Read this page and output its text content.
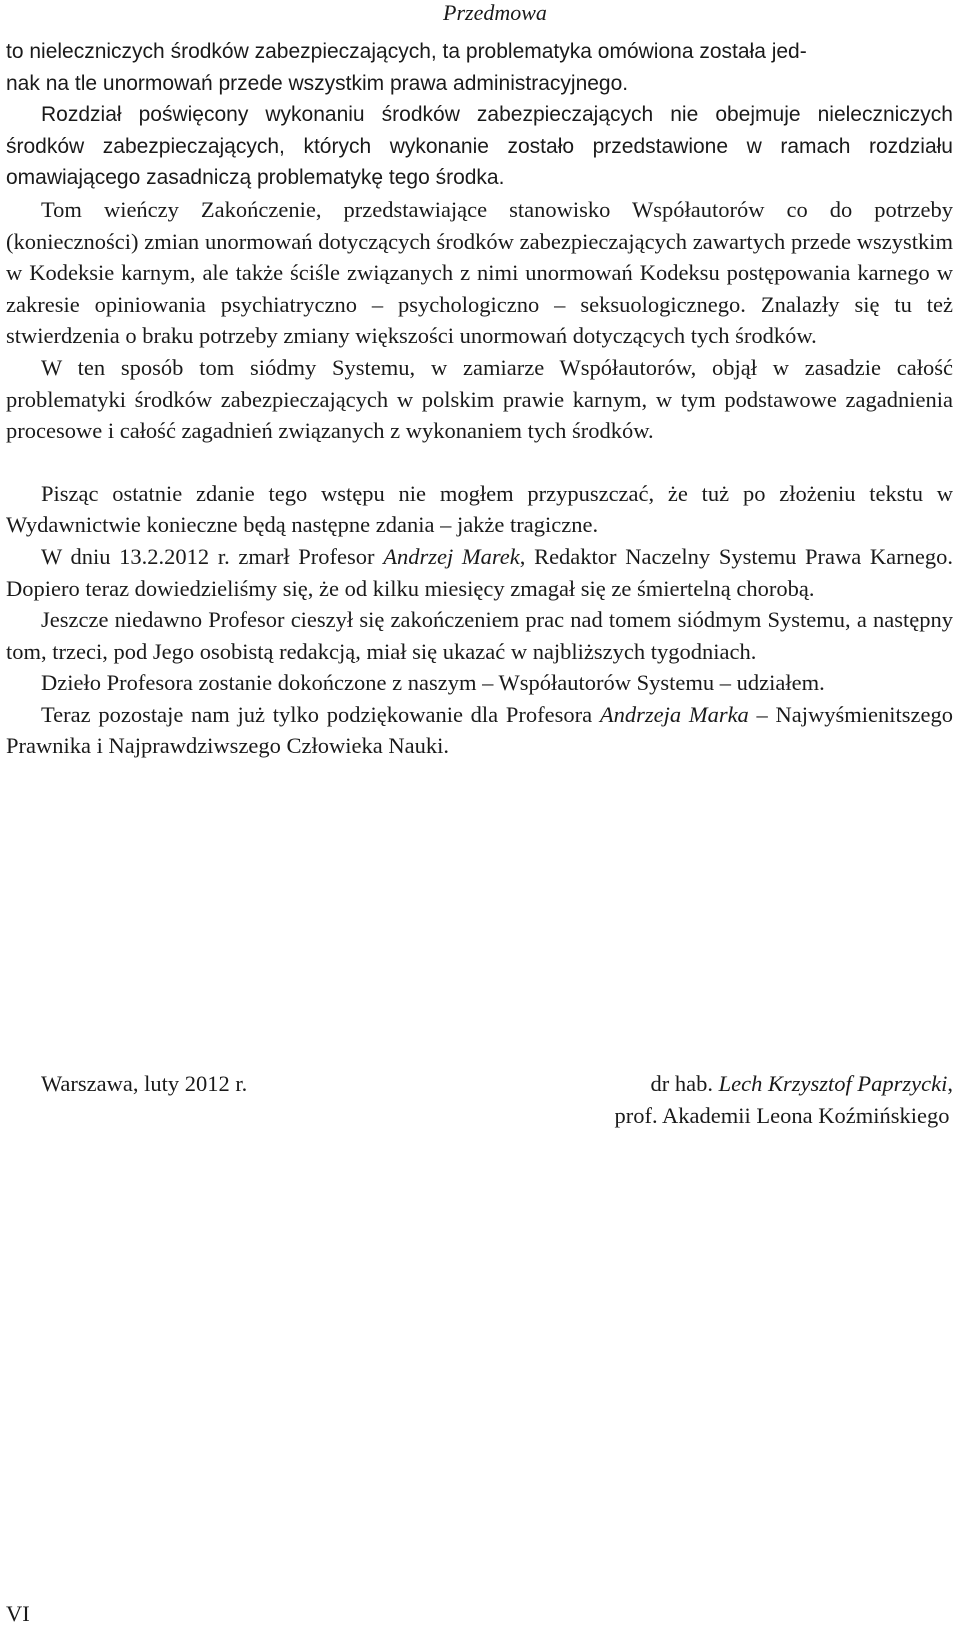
Przedmowa

to nieleczniczych środków zabezpieczających, ta problematyka omówiona została jed-
nak na tle unormowań przede wszystkim prawa administracyjnego.

Rozdział poświęcony wykonaniu środków zabezpieczających nie obejmuje nieleczniczych środków zabezpieczających, których wykonanie zostało przedstawione w ramach rozdziału omawiającego zasadniczą problematykę tego środka.

Tom wieńczy Zakończenie, przedstawiające stanowisko Współautorów co do potrzeby (konieczności) zmian unormowań dotyczących środków zabezpieczających zawartych przede wszystkim w Kodeksie karnym, ale także ściśle związanych z nimi unormowań Kodeksu postępowania karnego w zakresie opiniowania psychiatryczno – psychologiczno – seksuologicznego. Znalazły się tu też stwierdzenia o braku potrzeby zmiany większości unormowań dotyczących tych środków.

W ten sposób tom siódmy Systemu, w zamiarze Współautorów, objął w zasadzie całość problematyki środków zabezpieczających w polskim prawie karnym, w tym podstawowe zagadnienia procesowe i całość zagadnień związanych z wykonaniem tych środków.

Pisząc ostatnie zdanie tego wstępu nie mogłem przypuszczać, że tuż po złożeniu tekstu w Wydawnictwie konieczne będą następne zdania – jakże tragiczne.

W dniu 13.2.2012 r. zmarł Profesor Andrzej Marek, Redaktor Naczelny Systemu Prawa Karnego. Dopiero teraz dowiedzieliśmy się, że od kilku miesięcy zmagał się ze śmiertelną chorobą.

Jeszcze niedawno Profesor cieszył się zakończeniem prac nad tomem siódmym Systemu, a następny tom, trzeci, pod Jego osobistą redakcją, miał się ukazać w najbliższych tygodniach.

Dzieło Profesora zostanie dokończone z naszym – Współautorów Systemu – udziałem.

Teraz pozostaje nam już tylko podziękowanie dla Profesora Andrzeja Marka – Najwyśmienitszego Prawnika i Najprawdziwszego Człowieka Nauki.

Warszawa, luty 2012 r.	dr hab. Lech Krzysztof Paprzycki,
prof. Akademii Leona Koźmińskiego
VI
